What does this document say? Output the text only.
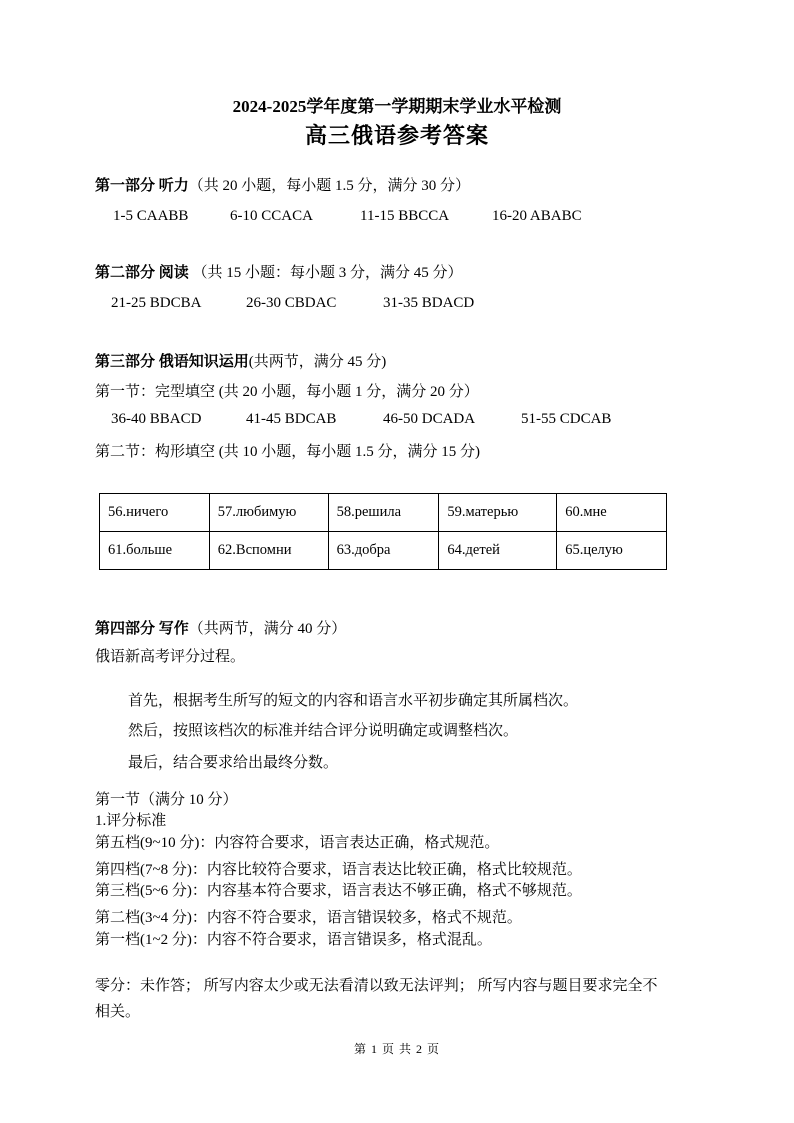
2024-2025学年度第一学期期末学业水平检测
高三俄语参考答案
第一部分 听力（共 20 小题，每小题 1.5 分，满分 30 分）
1-5 CAABB	6-10 CCACA	11-15 BBCCA	16-20 ABABC
第二部分 阅读 （共 15 小题：每小题 3 分，满分 45 分）
21-25 BDCBA	26-30 CBDAC	31-35 BDACD
第三部分 俄语知识运用(共两节，满分 45 分)
第一节：完型填空 (共 20 小题，每小题 1 分，满分 20 分）
36-40 BBACD	41-45 BDCAB	46-50 DCADA	51-55 CDCAB
第二节：构形填空 (共 10 小题，每小题 1.5 分，满分 15 分)
56.ничего	57.любимую	58.решила	59.матерью	60.мне
61.больше	62.Вспомни	63.добра	64.детей	65.целую
第四部分 写作（共两节，满分 40 分）
俄语新高考评分过程。
首先，根据考生所写的短文的内容和语言水平初步确定其所属档次。
然后，按照该档次的标准并结合评分说明确定或调整档次。
最后，结合要求给出最终分数。
第一节（满分 10 分）
1.评分标准
第五档(9~10 分)：内容符合要求，语言表达正确，格式规范。
第四档(7~8 分)：内容比较符合要求，语言表达比较正确，格式比较规范。
第三档(5~6 分)：内容基本符合要求，语言表达不够正确，格式不够规范。
第二档(3~4 分)：内容不符合要求，语言错误较多，格式不规范。
第一档(1~2 分)：内容不符合要求，语言错误多，格式混乱。
零分：未作答； 所写内容太少或无法看清以致无法评判； 所写内容与题目要求完全不
相关。
第 1 页 共 2 页
